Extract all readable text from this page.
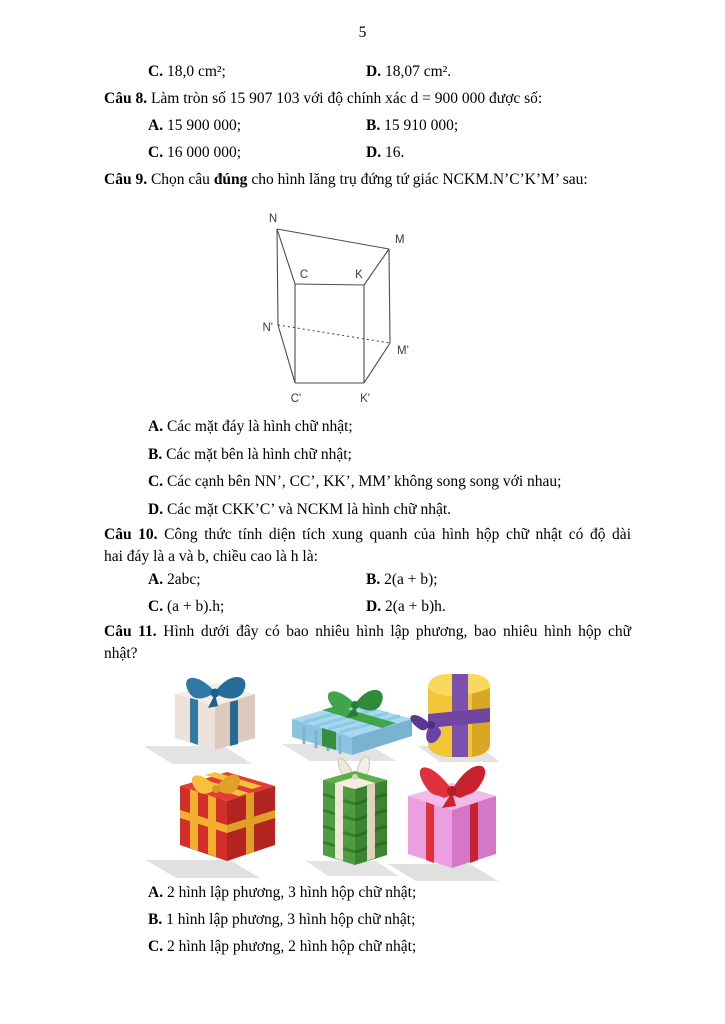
5
C. 18,0 cm²;	D. 18,07 cm².
Câu 8. Làm tròn số 15 907 103 với độ chính xác d = 900 000 được số:
A. 15 900 000;	B. 15 910 000;
C. 16 000 000;	D. 16.
Câu 9. Chọn câu đúng cho hình lăng trụ đứng tứ giác NCKM.N’C’K’M’ sau:
N
M
C	K
N'
M'
C'	K'
A. Các mặt đáy là hình chữ nhật;
B. Các mặt bên là hình chữ nhật;
C. Các cạnh bên NN’, CC’, KK’, MM’ không song song với nhau;
D. Các mặt CKK’C’ và NCKM là hình chữ nhật.
Câu 10. Công thức tính diện tích xung quanh của hình hộp chữ nhật có độ dài
hai đáy là a và b, chiều cao là h là:
A. 2abc;	B. 2(a + b);
C. (a + b).h;	D. 2(a + b)h.
Câu 11. Hình dưới đây có bao nhiêu hình lập phương, bao nhiêu hình hộp chữ
nhật?
A. 2 hình lập phương, 3 hình hộp chữ nhật;
B. 1 hình lập phương, 3 hình hộp chữ nhật;
C. 2 hình lập phương, 2 hình hộp chữ nhật;
